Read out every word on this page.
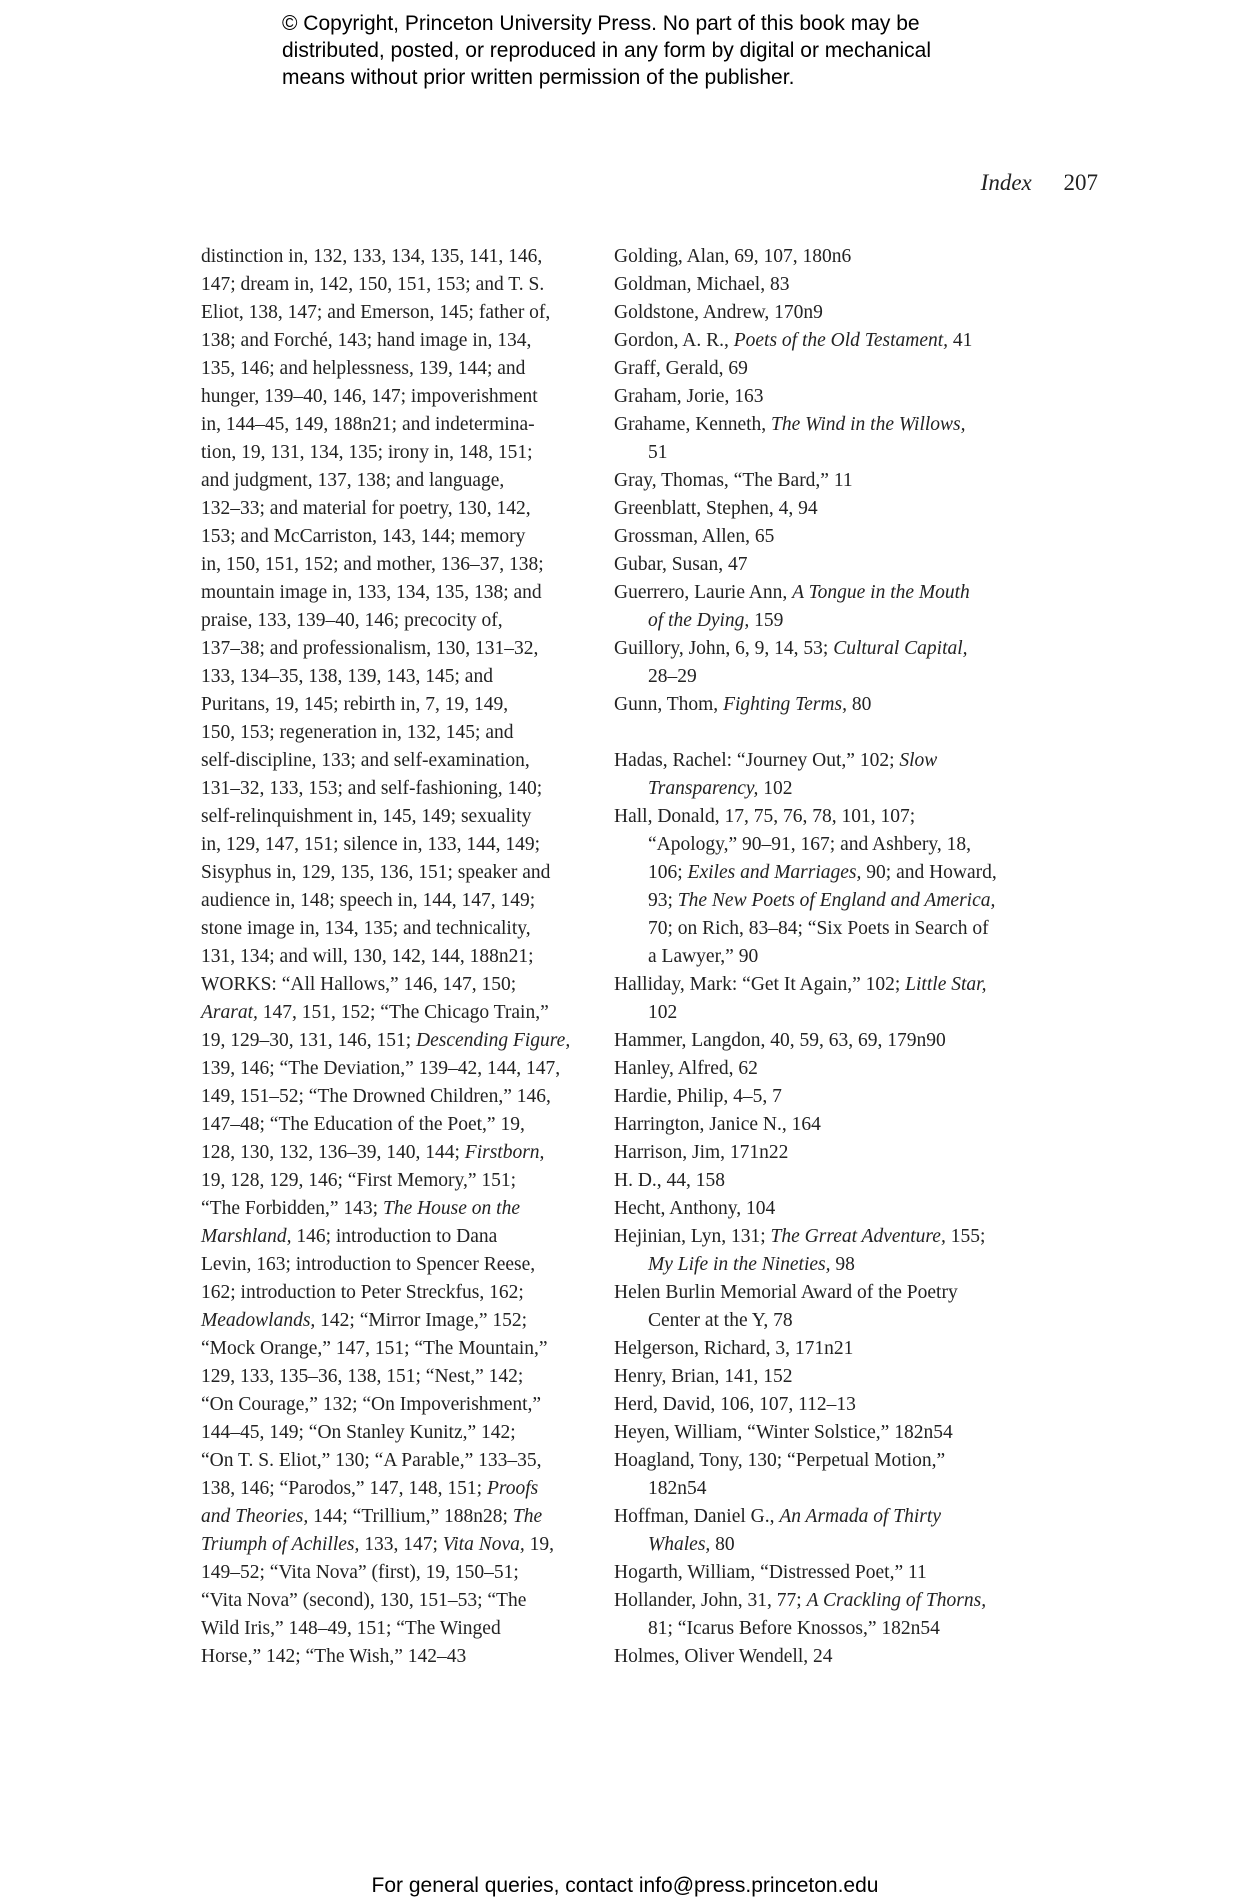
© Copyright, Princeton University Press. No part of this book may be
distributed, posted, or reproduced in any form by digital or mechanical
means without prior written permission of the publisher.
Index 207
distinction in, 132, 133, 134, 135, 141, 146,
147; dream in, 142, 150, 151, 153; and T. S.
Eliot, 138, 147; and Emerson, 145; father of,
138; and Forché, 143; hand image in, 134,
135, 146; and helplessness, 139, 144; and
hunger, 139–40, 146, 147; impoverishment
in, 144–45, 149, 188n21; and indetermina-
tion, 19, 131, 134, 135; irony in, 148, 151;
and judgment, 137, 138; and language,
132–33; and material for poetry, 130, 142,
153; and McCarriston, 143, 144; memory
in, 150, 151, 152; and mother, 136–37, 138;
mountain image in, 133, 134, 135, 138; and
praise, 133, 139–40, 146; precocity of,
137–38; and professionalism, 130, 131–32,
133, 134–35, 138, 139, 143, 145; and
Puritans, 19, 145; rebirth in, 7, 19, 149,
150, 153; regeneration in, 132, 145; and
self-discipline, 133; and self-examination,
131–32, 133, 153; and self-fashioning, 140;
self-relinquishment in, 145, 149; sexuality
in, 129, 147, 151; silence in, 133, 144, 149;
Sisyphus in, 129, 135, 136, 151; speaker and
audience in, 148; speech in, 144, 147, 149;
stone image in, 134, 135; and technicality,
131, 134; and will, 130, 142, 144, 188n21;
WORKS: “All Hallows,” 146, 147, 150;
Ararat, 147, 151, 152; “The Chicago Train,”
19, 129–30, 131, 146, 151; Descending Figure,
139, 146; “The Deviation,” 139–42, 144, 147,
149, 151–52; “The Drowned Children,” 146,
147–48; “The Education of the Poet,” 19,
128, 130, 132, 136–39, 140, 144; Firstborn,
19, 128, 129, 146; “First Memory,” 151;
“The Forbidden,” 143; The House on the
Marshland, 146; introduction to Dana
Levin, 163; introduction to Spencer Reese,
162; introduction to Peter Streckfus, 162;
Meadowlands, 142; “Mirror Image,” 152;
“Mock Orange,” 147, 151; “The Mountain,”
129, 133, 135–36, 138, 151; “Nest,” 142;
“On Courage,” 132; “On Impoverishment,”
144–45, 149; “On Stanley Kunitz,” 142;
“On T. S. Eliot,” 130; “A Parable,” 133–35,
138, 146; “Parodos,” 147, 148, 151; Proofs
and Theories, 144; “Trillium,” 188n28; The
Triumph of Achilles, 133, 147; Vita Nova, 19,
149–52; “Vita Nova” (first), 19, 150–51;
“Vita Nova” (second), 130, 151–53; “The
Wild Iris,” 148–49, 151; “The Winged
Horse,” 142; “The Wish,” 142–43
Golding, Alan, 69, 107, 180n6
Goldman, Michael, 83
Goldstone, Andrew, 170n9
Gordon, A. R., Poets of the Old Testament, 41
Graff, Gerald, 69
Graham, Jorie, 163
Grahame, Kenneth, The Wind in the Willows,
51
Gray, Thomas, “The Bard,” 11
Greenblatt, Stephen, 4, 94
Grossman, Allen, 65
Gubar, Susan, 47
Guerrero, Laurie Ann, A Tongue in the Mouth
of the Dying, 159
Guillory, John, 6, 9, 14, 53; Cultural Capital,
28–29
Gunn, Thom, Fighting Terms, 80
Hadas, Rachel: “Journey Out,” 102; Slow
Transparency, 102
Hall, Donald, 17, 75, 76, 78, 101, 107;
“Apology,” 90–91, 167; and Ashbery, 18,
106; Exiles and Marriages, 90; and Howard,
93; The New Poets of England and America,
70; on Rich, 83–84; “Six Poets in Search of
a Lawyer,” 90
Halliday, Mark: “Get It Again,” 102; Little Star,
102
Hammer, Langdon, 40, 59, 63, 69, 179n90
Hanley, Alfred, 62
Hardie, Philip, 4–5, 7
Harrington, Janice N., 164
Harrison, Jim, 171n22
H. D., 44, 158
Hecht, Anthony, 104
Hejinian, Lyn, 131; The Grreat Adventure, 155;
My Life in the Nineties, 98
Helen Burlin Memorial Award of the Poetry
Center at the Y, 78
Helgerson, Richard, 3, 171n21
Henry, Brian, 141, 152
Herd, David, 106, 107, 112–13
Heyen, William, “Winter Solstice,” 182n54
Hoagland, Tony, 130; “Perpetual Motion,”
182n54
Hoffman, Daniel G., An Armada of Thirty
Whales, 80
Hogarth, William, “Distressed Poet,” 11
Hollander, John, 31, 77; A Crackling of Thorns,
81; “Icarus Before Knossos,” 182n54
Holmes, Oliver Wendell, 24
For general queries, contact info@press.princeton.edu
